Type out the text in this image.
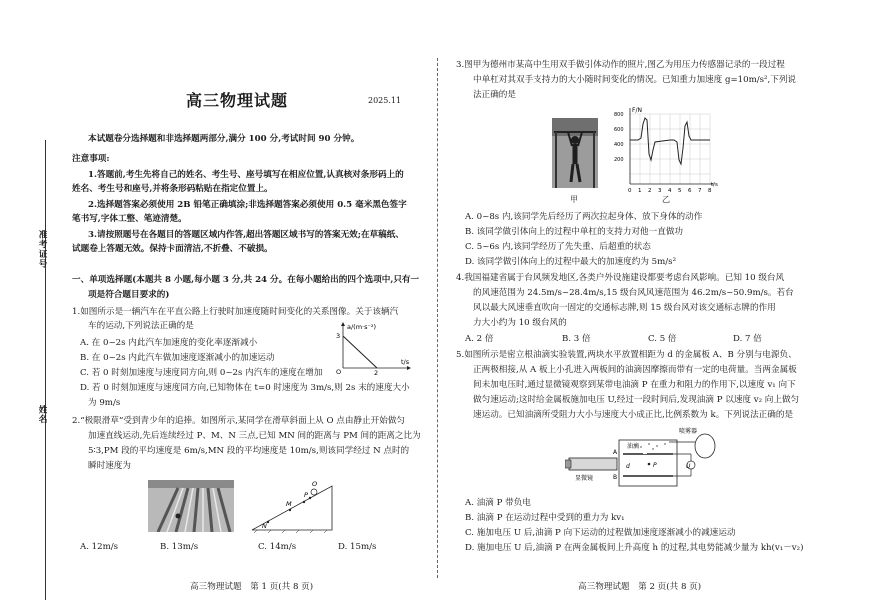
准考证号
姓名
高三物理试题	2025.11
本试题卷分选择题和非选择题两部分,满分 100 分,考试时间 90 分钟。
注意事项:
1.答题前,考生先将自己的姓名、考生号、座号填写在相应位置,认真核对条形码上的
姓名、考生号和座号,并将条形码粘贴在指定位置上。
2.选择题答案必须使用 2B 铅笔正确填涂;非选择题答案必须使用 0.5 毫米黑色签字
笔书写,字体工整、笔迹清楚。
3.请按照题号在各题目的答题区域内作答,超出答题区域书写的答案无效;在草稿纸、
试题卷上答题无效。保持卡面清洁,不折叠、不破损。
一、单项选择题(本题共 8 小题,每小题 3 分,共 24 分。在每小题给出的四个选项中,只有一
项是符合题目要求的)
1.如图所示是一辆汽车在平直公路上行驶时加速度随时间变化的关系图像。关于该辆汽
车的运动,下列说法正确的是
A. 在 0~2s 内此汽车加速度的变化率逐渐减小
B. 在 0~2s 内此汽车做加速度逐渐减小的加速运动
C. 若 0 时刻加速度与速度同方向,则 0~2s 内汽车的速度在增加
D. 若 0 时刻加速度与速度同方向,已知物体在 t=0 时速度为 3m/s,则 2s 末的速度大小
为 9m/s
a/(m·s⁻²)
3
O	2
t/s
2.“极限滑草”受到青少年的追捧。如图所示,某同学在滑草斜面上从 O 点由静止开始做匀
加速直线运动,先后连续经过 P、M、N 三点,已知 MN 间的距离与 PM 间的距离之比为
5∶3,PM 段的平均速度是 6m/s,MN 段的平均速度是 10m/s,则该同学经过 N 点时的
瞬时速度为
O
P
M
N
A. 12m/s	B. 13m/s	C. 14m/s	D. 15m/s
高三物理试题　第 1 页(共 8 页)
3.图甲为德州市某高中生用双手做引体动作的照片,图乙为用压力传感器记录的一段过程
中单杠对其双手支持力的大小随时间变化的情况。已知重力加速度 g=10m/s²,下列说
法正确的是
甲
F/N
800
600
400
200
0 1 2 3 4 5 6 7 8
t/s
乙
A. 0~8s 内,该同学先后经历了两次拉起身体、放下身体的动作
B. 该同学做引体向上的过程中单杠的支持力对他一直做功
C. 5~6s 内,该同学经历了先失重、后超重的状态
D. 该同学做引体向上的过程中最大的加速度约为 5m/s²
4.我国福建省属于台风频发地区,各类户外设施建设都要考虑台风影响。已知 10 级台风
的风速范围为 24.5m/s~28.4m/s,15 级台风风速范围为 46.2m/s~50.9m/s。若台
风以最大风速垂直吹向一固定的交通标志牌,则 15 级台风对该交通标志牌的作用
力大小约为 10 级台风的
A. 2 倍	B. 3 倍	C. 5 倍	D. 7 倍
5.如图所示是密立根油滴实验装置,两块水平放置相距为 d 的金属板 A、B 分别与电源负、
正两极相接,从 A 板上小孔进入两板间的油滴因摩擦而带有一定的电荷量。当两金属板
间未加电压时,通过显微镜观察到某带电油滴 P 在重力和阻力的作用下,以速度 v₁ 向下
做匀速运动;这时给金属板施加电压 U,经过一段时间后,发现油滴 P 以速度 v₂ 向上做匀
速运动。已知油滴所受阻力大小与速度大小成正比,比例系数为 k。下列说法正确的是
喷雾器
油滴
显微镜
A
B
d	P	U
A. 油滴 P 带负电
B. 油滴 P 在运动过程中受到的重力为 kv₁
C. 施加电压 U 后,油滴 P 向下运动的过程做加速度逐渐减小的减速运动
D. 施加电压 U 后,油滴 P 在两金属板间上升高度 h 的过程,其电势能减少量为 kh(v₁－v₂)
高三物理试题　第 2 页(共 8 页)
